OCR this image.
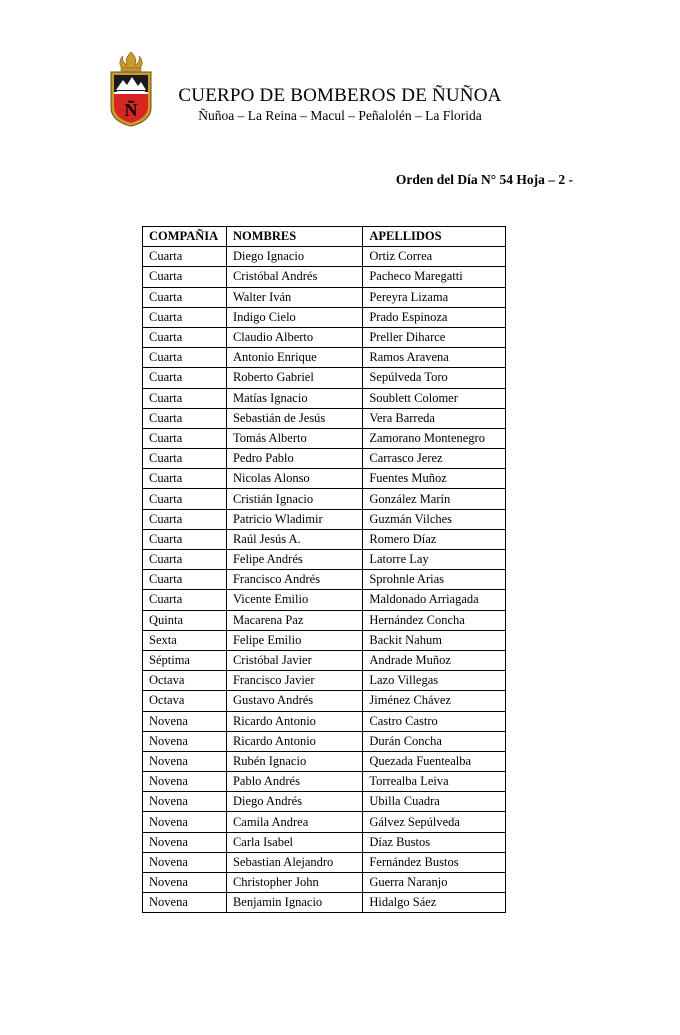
Ñ
CUERPO DE BOMBEROS DE ÑUÑOA
Ñuñoa – La Reina – Macul – Peñalolén – La Florida
Orden del Día N° 54 Hoja – 2 -
COMPAÑIA	NOMBRES	APELLIDOS
Cuarta	Diego Ignacio	Ortiz Correa
Cuarta	Cristóbal Andrés	Pacheco Maregatti
Cuarta	Walter Iván	Pereyra Lizama
Cuarta	Indigo Cielo	Prado Espinoza
Cuarta	Claudio Alberto	Preller Diharce
Cuarta	Antonio Enrique	Ramos Aravena
Cuarta	Roberto Gabriel	Sepúlveda Toro
Cuarta	Matías Ignacio	Soublett Colomer
Cuarta	Sebastián de Jesús	Vera Barreda
Cuarta	Tomás Alberto	Zamorano Montenegro
Cuarta	Pedro Pablo	Carrasco Jerez
Cuarta	Nicolas Alonso	Fuentes Muñoz
Cuarta	Cristián Ignacio	González Marín
Cuarta	Patricio Wladimir	Guzmán Vilches
Cuarta	Raúl Jesús A.	Romero Díaz
Cuarta	Felipe Andrés	Latorre Lay
Cuarta	Francisco Andrés	Sprohnle Arias
Cuarta	Vicente Emilio	Maldonado Arriagada
Quinta	Macarena Paz	Hernández Concha
Sexta	Felipe Emilio	Backit Nahum
Séptima	Cristóbal Javier	Andrade Muñoz
Octava	Francisco Javier	Lazo Villegas
Octava	Gustavo Andrés	Jiménez Chávez
Novena	Ricardo Antonio	Castro Castro
Novena	Ricardo Antonio	Durán Concha
Novena	Rubén Ignacio	Quezada Fuentealba
Novena	Pablo Andrés	Torrealba Leiva
Novena	Diego Andrés	Ubilla Cuadra
Novena	Camila Andrea	Gálvez Sepúlveda
Novena	Carla Isabel	Díaz Bustos
Novena	Sebastian Alejandro	Fernández Bustos
Novena	Christopher John	Guerra Naranjo
Novena	Benjamin Ignacio	Hidalgo Sáez
